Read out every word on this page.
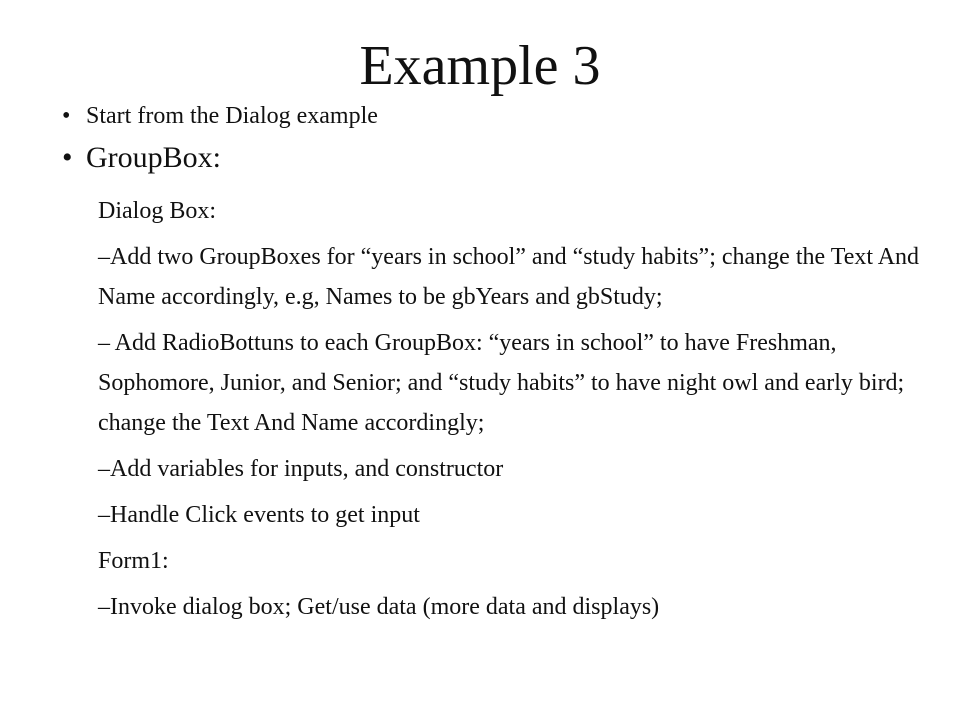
Example 3

• Start from the Dialog example

• GroupBox:

Dialog Box:

–Add two GroupBoxes for “years in school” and “study habits”; change the Text And Name accordingly, e.g, Names to be gbYears and gbStudy;

– Add RadioBottuns to each GroupBox: “years in school” to have Freshman, Sophomore, Junior, and Senior; and “study habits” to have night owl and early bird; change the Text And Name accordingly;

–Add variables for inputs, and constructor

–Handle Click events to get input

Form1:

–Invoke dialog box; Get/use data (more data and displays)
